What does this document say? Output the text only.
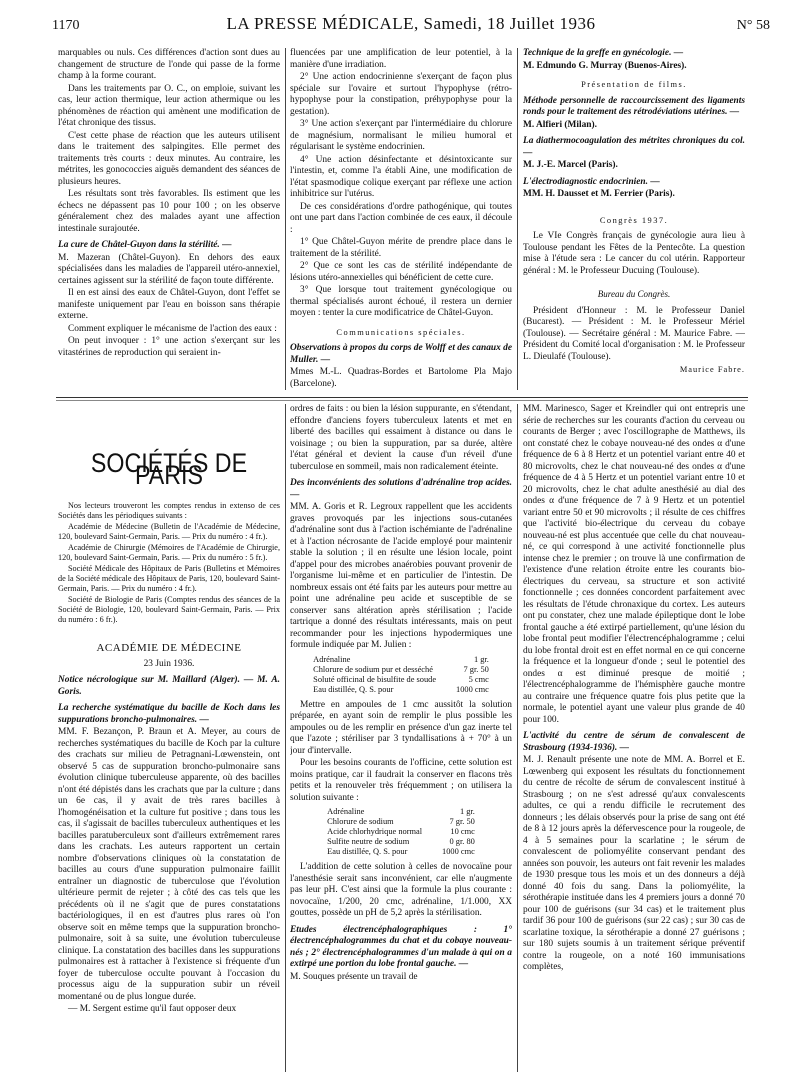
1170	LA PRESSE MÉDICALE, Samedi, 18 Juillet 1936	N° 58

marquables ou nuls. Ces différences d'action sont dues au changement de structure de l'onde qui passe de la forme champ à la forme courant.

Dans les traitements par O. C., on emploie, suivant les cas, leur action thermique, leur action athermique ou les phénomènes de réaction qui amènent une modification de l'état chronique des tissus.

C'est cette phase de réaction que les auteurs utilisent dans le traitement des salpingites. Elle permet des traitements très courts : deux minutes. Au contraire, les métrites, les gonococcies aiguës demandent des séances de plusieurs heures.

Les résultats sont très favorables. Ils estiment que les échecs ne dépassent pas 10 pour 100 ; on les observe généralement chez des malades ayant une affection intestinale surajoutée.

La cure de Châtel-Guyon dans la stérilité. —

M. Mazeran (Châtel-Guyon). En dehors des eaux spécialisées dans les maladies de l'appareil utéro-annexiel, certaines agissent sur la stérilité de façon toute différente.

Il en est ainsi des eaux de Châtel-Guyon, dont l'effet se manifeste uniquement par l'eau en boisson sans thérapie externe.

Comment expliquer le mécanisme de l'action des eaux :

On peut invoquer : 1° une action s'exerçant sur les vitastérines de reproduction qui seraient in-

fluencées par une amplification de leur potentiel, à la manière d'une irradiation.

2° Une action endocrinienne s'exerçant de façon plus spéciale sur l'ovaire et surtout l'hypophyse (rétro-hypophyse pour la constipation, préhypophyse pour la gestation).

3° Une action s'exerçant par l'intermédiaire du chlorure de magnésium, normalisant le milieu humoral et régularisant le système endocrinien.

4° Une action désinfectante et désintoxicante sur l'intestin, et, comme l'a établi Aine, une modification de l'état spasmodique colique exerçant par réflexe une action inhibitrice sur l'utérus.

De ces considérations d'ordre pathogénique, qui toutes ont une part dans l'action combinée de ces eaux, il découle :

1° Que Châtel-Guyon mérite de prendre place dans le traitement de la stérilité.

2° Que ce sont les cas de stérilité indépendante de lésions utéro-annexielles qui bénéficient de cette cure.

3° Que lorsque tout traitement gynécologique ou thermal spécialisés auront échoué, il restera un dernier moyen : tenter la cure modificatrice de Châtel-Guyon.

Communications spéciales.

Observations à propos du corps de Wolff et des canaux de Muller. —

Mmes M.-L. Quadras-Bordes et Bartolome Pla Majo (Barcelone).

Technique de la greffe en gynécologie. —

M. Edmundo G. Murray (Buenos-Aires).

Présentation de films.

Méthode personnelle de raccourcissement des ligaments ronds pour le traitement des rétrodéviations utérines. —

M. Alfieri (Milan).

La diathermocoagulation des métrites chroniques du col. —

M. J.-E. Marcel (Paris).

L'électrodiagnostic endocrinien. —

MM. H. Dausset et M. Ferrier (Paris).

Congrès 1937.

Le VIe Congrès français de gynécologie aura lieu à Toulouse pendant les Fêtes de la Pentecôte. La question mise à l'étude sera : Le cancer du col utérin. Rapporteur général : M. le Professeur Ducuing (Toulouse).

Bureau du Congrès.

Président d'Honneur : M. le Professeur Daniel (Bucarest). — Président : M. le Professeur Mériel (Toulouse). — Secrétaire général : M. Maurice Fabre. — Président du Comité local d'organisation : M. le Professeur L. Dieulafé (Toulouse).

Maurice Fabre.

SOCIÉTÉS DE PARIS

Nos lecteurs trouveront les comptes rendus in extenso de ces Sociétés dans les périodiques suivants :

Académie de Médecine (Bulletin de l'Académie de Médecine, 120, boulevard Saint-Germain, Paris. — Prix du numéro : 4 fr.).

Académie de Chirurgie (Mémoires de l'Académie de Chirurgie, 120, boulevard Saint-Germain, Paris. — Prix du numéro : 5 fr.).

Société Médicale des Hôpitaux de Paris (Bulletins et Mémoires de la Société médicale des Hôpitaux de Paris, 120, boulevard Saint-Germain, Paris. — Prix du numéro : 4 fr.).

Société de Biologie de Paris (Comptes rendus des séances de la Société de Biologie, 120, boulevard Saint-Germain, Paris. — Prix du numéro : 6 fr.).

ACADÉMIE DE MÉDECINE

23 Juin 1936.

Notice nécrologique sur M. Maillard (Alger). — M. A. Goris.

La recherche systématique du bacille de Koch dans les suppurations broncho-pulmonaires. —

MM. F. Bezançon, P. Braun et A. Meyer, au cours de recherches systématiques du bacille de Koch par la culture des crachats sur milieu de Petragnani-Lœwenstein, ont observé 5 cas de suppuration broncho-pulmonaire sans évolution clinique tuberculeuse apparente, où des bacilles n'ont été dépistés dans les crachats que par la culture ; dans un 6e cas, il y avait de très rares bacilles à l'homogénéisation et la culture fut positive ; dans tous les cas, il s'agissait de bacilles tuberculeux authentiques et les bacilles paratuberculeux sont d'ailleurs extrêmement rares dans les crachats. Les auteurs rapportent un certain nombre d'observations cliniques où la constatation de bacilles au cours d'une suppuration pulmonaire faillit entraîner un diagnostic de tuberculose que l'évolution ultérieure permit de rejeter ; à côté des cas tels que les précédents où il ne s'agit que de pures constatations bactériologiques, il en est d'autres plus rares où l'on observe soit en même temps que la suppuration broncho-pulmonaire, soit à sa suite, une évolution tuberculeuse clinique. La constatation des bacilles dans les suppurations pulmonaires est à rattacher à l'existence si fréquente d'un foyer de tuberculose occulte pouvant à l'occasion du processus aigu de la suppuration subir un réveil momentané ou de plus longue durée.

— M. Sergent estime qu'il faut opposer deux

ordres de faits : ou bien la lésion suppurante, en s'étendant, effondre d'anciens foyers tuberculeux latents et met en liberté des bacilles qui essaiment à distance ou dans le voisinage ; ou bien la suppuration, par sa durée, altère l'état général et devient la cause d'un réveil d'une tuberculose en sommeil, mais non radicalement éteinte.

Des inconvénients des solutions d'adrénaline trop acides. —

MM. A. Goris et R. Legroux rappellent que les accidents graves provoqués par les injections sous-cutanées d'adrénaline sont dus à l'action ischémiante de l'adrénaline et à l'action nécrosante de l'acide employé pour maintenir stable la solution ; il en résulte une lésion locale, point d'appel pour des microbes anaérobies pouvant provenir de l'organisme lui-même et en particulier de l'intestin. De nombreux essais ont été faits par les auteurs pour mettre au point une adrénaline peu acide et susceptible de se conserver sans altération après stérilisation ; l'acide tartrique a donné des résultats intéressants, mais on peut recommander pour les injections hypodermiques une formule indiquée par M. Julien :

Adrénaline	1 gr.
Chlorure de sodium pur et desséché	7 gr. 50
Soluté officinal de bisulfite de soude	5 cmc
Eau distillée, Q. S. pour	1000 cmc

Mettre en ampoules de 1 cmc aussitôt la solution préparée, en ayant soin de remplir le plus possible les ampoules ou de les remplir en présence d'un gaz inerte tel que l'azote ; stériliser par 3 tyndallisations à + 70° à un jour d'intervalle.

Pour les besoins courants de l'officine, cette solution est moins pratique, car il faudrait la conserver en flacons très petits et la renouveler très fréquemment ; on utilisera la solution suivante :

Adrénaline	1 gr.
Chlorure de sodium	7 gr. 50
Acide chlorhydrique normal	10 cmc
Sulfite neutre de sodium	0 gr. 80
Eau distillée, Q. S. pour	1000 cmc

L'addition de cette solution à celles de novocaïne pour l'anesthésie serait sans inconvénient, car elle n'augmente pas leur pH. C'est ainsi que la formule la plus courante : novocaïne, 1/200, 20 cmc, adrénaline, 1/1.000, XX gouttes, possède un pH de 5,2 après la stérilisation.

Etudes électrencéphalographiques : 1° électrencéphalogrammes du chat et du cobaye nouveau-nés ; 2° électrencéphalogrammes d'un malade à qui on a extirpé une portion du lobe frontal gauche. —

M. Souques présente un travail de

MM. Marinesco, Sager et Kreindler qui ont entrepris une série de recherches sur les courants d'action du cerveau ou courants de Berger ; avec l'oscillographe de Matthews, ils ont constaté chez le cobaye nouveau-né des ondes α d'une fréquence de 6 à 8 Hertz et un potentiel variant entre 40 et 80 microvolts, chez le chat nouveau-né des ondes α d'une fréquence de 4 à 5 Hertz et un potentiel variant entre 10 et 20 microvolts, chez le chat adulte anesthésié au dial des ondes α d'une fréquence de 7 à 9 Hertz et un potentiel variant entre 50 et 90 microvolts ; il résulte de ces chiffres que l'activité bio-électrique du cerveau du cobaye nouveau-né est plus accentuée que celle du chat nouveau-né, ce qui correspond à une activité fonctionnelle plus intense chez le premier ; on trouve là une confirmation de l'existence d'une relation étroite entre les courants bio-électriques du cerveau, sa structure et son activité fonctionnelle ; ces données concordent parfaitement avec les résultats de l'étude chronaxique du cortex. Les auteurs ont pu constater, chez une malade épileptique dont le lobe frontal gauche a été extirpé partiellement, qu'une lésion du lobe frontal peut modifier l'électrencéphalogramme ; celui du lobe frontal droit est en effet normal en ce qui concerne la fréquence et la longueur d'onde ; seul le potentiel des ondes α est diminué presque de moitié ; l'électrencéphalogramme de l'hémisphère gauche montre au contraire une fréquence quatre fois plus petite que la normale, le potentiel ayant une valeur plus grande de 40 pour 100.

L'activité du centre de sérum de convalescent de Strasbourg (1934-1936). —

M. J. Renault présente une note de MM. A. Borrel et E. Lœwenberg qui exposent les résultats du fonctionnement du centre de récolte de sérum de convalescent institué à Strasbourg ; on ne s'est adressé qu'aux convalescents adultes, ce qui a rendu difficile le recrutement des donneurs ; les délais observés pour la prise de sang ont été de 8 à 12 jours après la défervescence pour la rougeole, de 4 à 5 semaines pour la scarlatine ; le sérum de convalescent de poliomyélite conservant pendant des années son pouvoir, les auteurs ont fait revenir les malades de 1930 presque tous les mois et un des donneurs a déjà donné 40 fois du sang. Dans la poliomyélite, la sérothérapie instituée dans les 4 premiers jours a donné 70 pour 100 de guérisons (sur 34 cas) et le traitement plus tardif 36 pour 100 de guérisons (sur 22 cas) ; sur 30 cas de scarlatine toxique, la sérothérapie a donné 27 guérisons ; sur 180 sujets soumis à un traitement sérique préventif contre la rougeole, on a noté 160 immunisations complètes,
